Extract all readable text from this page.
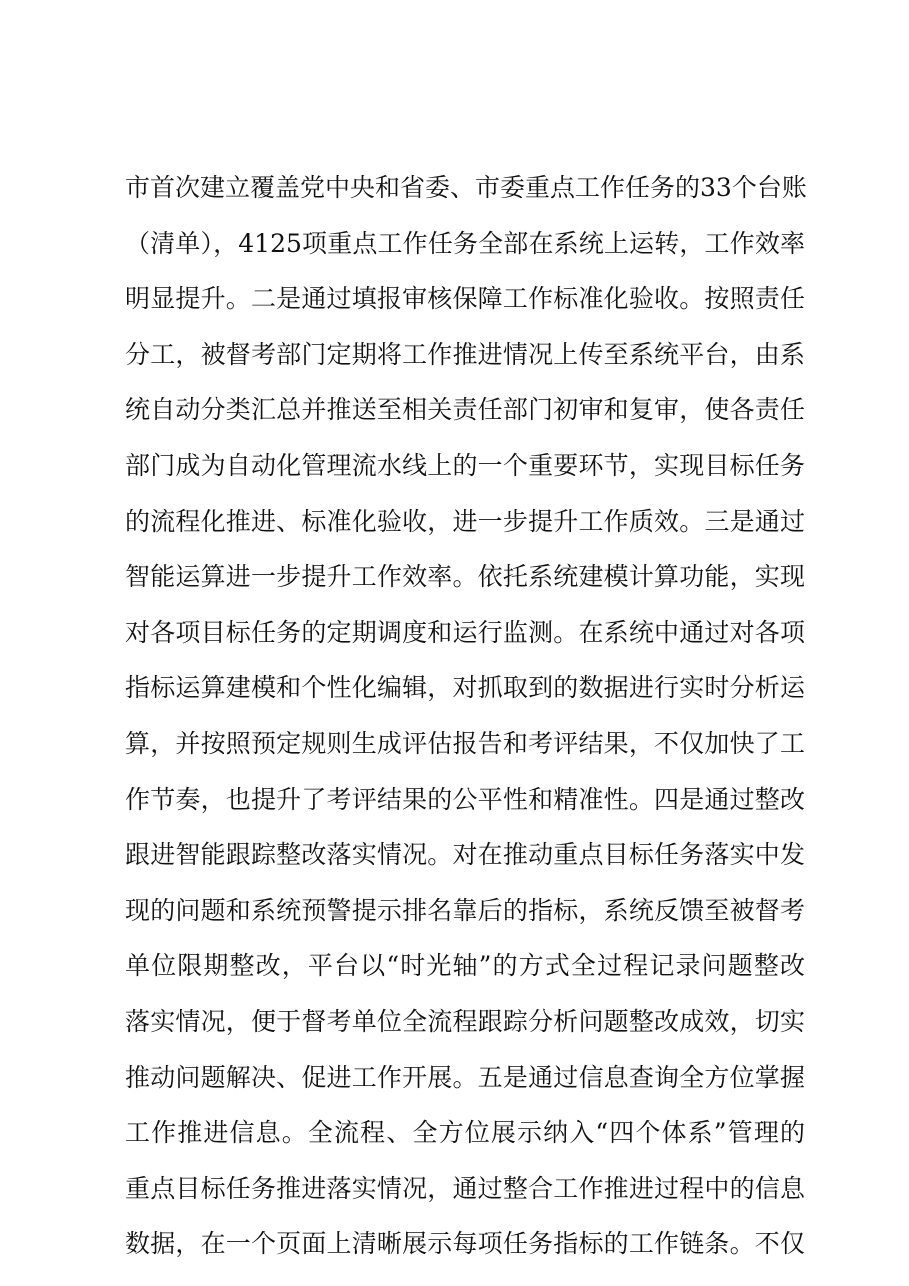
市首次建立覆盖党中央和省委、市委重点工作任务的33个台账
（清单），4125项重点工作任务全部在系统上运转，工作效率
明显提升。二是通过填报审核保障工作标准化验收。按照责任
分工，被督考部门定期将工作推进情况上传至系统平台，由系
统自动分类汇总并推送至相关责任部门初审和复审，使各责任
部门成为自动化管理流水线上的一个重要环节，实现目标任务
的流程化推进、标准化验收，进一步提升工作质效。三是通过
智能运算进一步提升工作效率。依托系统建模计算功能，实现
对各项目标任务的定期调度和运行监测。在系统中通过对各项
指标运算建模和个性化编辑，对抓取到的数据进行实时分析运
算，并按照预定规则生成评估报告和考评结果，不仅加快了工
作节奏，也提升了考评结果的公平性和精准性。四是通过整改
跟进智能跟踪整改落实情况。对在推动重点目标任务落实中发
现的问题和系统预警提示排名靠后的指标，系统反馈至被督考
单位限期整改，平台以“时光轴”的方式全过程记录问题整改
落实情况，便于督考单位全流程跟踪分析问题整改成效，切实
推动问题解决、促进工作开展。五是通过信息查询全方位掌握
工作推进信息。全流程、全方位展示纳入“四个体系”管理的
重点目标任务推进落实情况，通过整合工作推进过程中的信息
数据，在一个页面上清晰展示每项任务指标的工作链条。不仅
